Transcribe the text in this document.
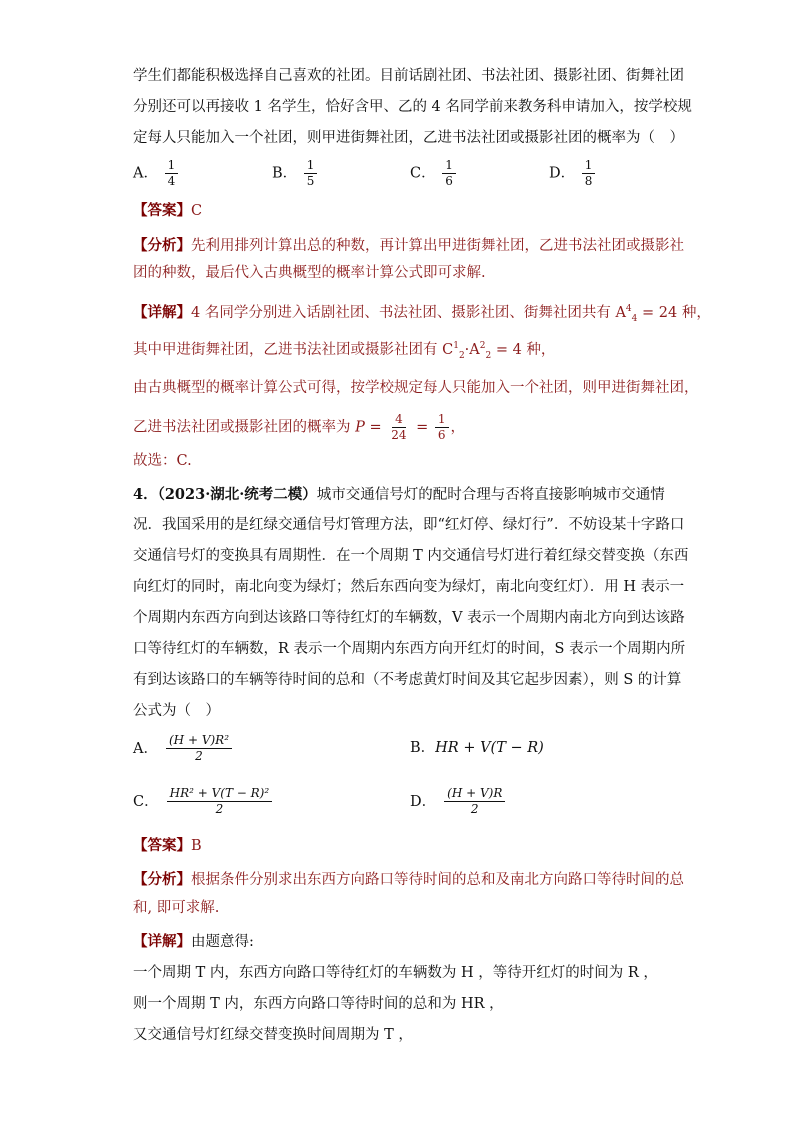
学生们都能积极选择自己喜欢的社团。目前话剧社团、书法社团、摄影社团、街舞社团
分别还可以再接收 1 名学生，恰好含甲、乙的 4 名同学前来教务科申请加入，按学校规
定每人只能加入一个社团，则甲进街舞社团，乙进书法社团或摄影社团的概率为（　）
A． $\frac{1}{4}$	B． $\frac{1}{5}$	C． $\frac{1}{6}$	D． $\frac{1}{8}$
【答案】C
【分析】先利用排列计算出总的种数，再计算出甲进街舞社团，乙进书法社团或摄影社
团的种数，最后代入古典概型的概率计算公式即可求解.
【详解】4 名同学分别进入话剧社团、书法社团、摄影社团、街舞社团共有 $A^4_4 = 24$ 种，
其中甲进街舞社团，乙进书法社团或摄影社团有 $C^1_2\cdot A^2_2 = 4$ 种，
由古典概型的概率计算公式可得，按学校规定每人只能加入一个社团，则甲进街舞社团，
乙进书法社团或摄影社团的概率为 $P = \frac{4}{24} = \frac{1}{6}$ ，
故选：C.
4．（2023·湖北·统考二模）城市交通信号灯的配时合理与否将直接影响城市交通情
况．我国采用的是红绿交通信号灯管理方法，即“红灯停、绿灯行”．不妨设某十字路口
交通信号灯的变换具有周期性．在一个周期 T 内交通信号灯进行着红绿交替变换（东西
向红灯的同时，南北向变为绿灯；然后东西向变为绿灯，南北向变红灯）．用 H 表示一
个周期内东西方向到达该路口等待红灯的车辆数，V 表示一个周期内南北方向到达该路
口等待红灯的车辆数，R 表示一个周期内东西方向开红灯的时间，S 表示一个周期内所
有到达该路口的车辆等待时间的总和（不考虑黄灯时间及其它起步因素），则 S 的计算
公式为（　）
A． $\frac{\text{(H + V)R²}}{2}$	B．HR + V(T − R)
C． $\frac{\text{HR² + V(T − R)²}}{2}$	D． $\frac{(H + V)R}{2}$
【答案】B
【分析】根据条件分别求出东西方向路口等待时间的总和及南北方向路口等待时间的总
和, 即可求解.
【详解】由题意得:
一个周期 T 内，东西方向路口等待红灯的车辆数为 H ，等待开红灯的时间为 R ，
则一个周期 T 内，东西方向路口等待时间的总和为 HR ，
又交通信号灯红绿交替变换时间周期为 T ，
